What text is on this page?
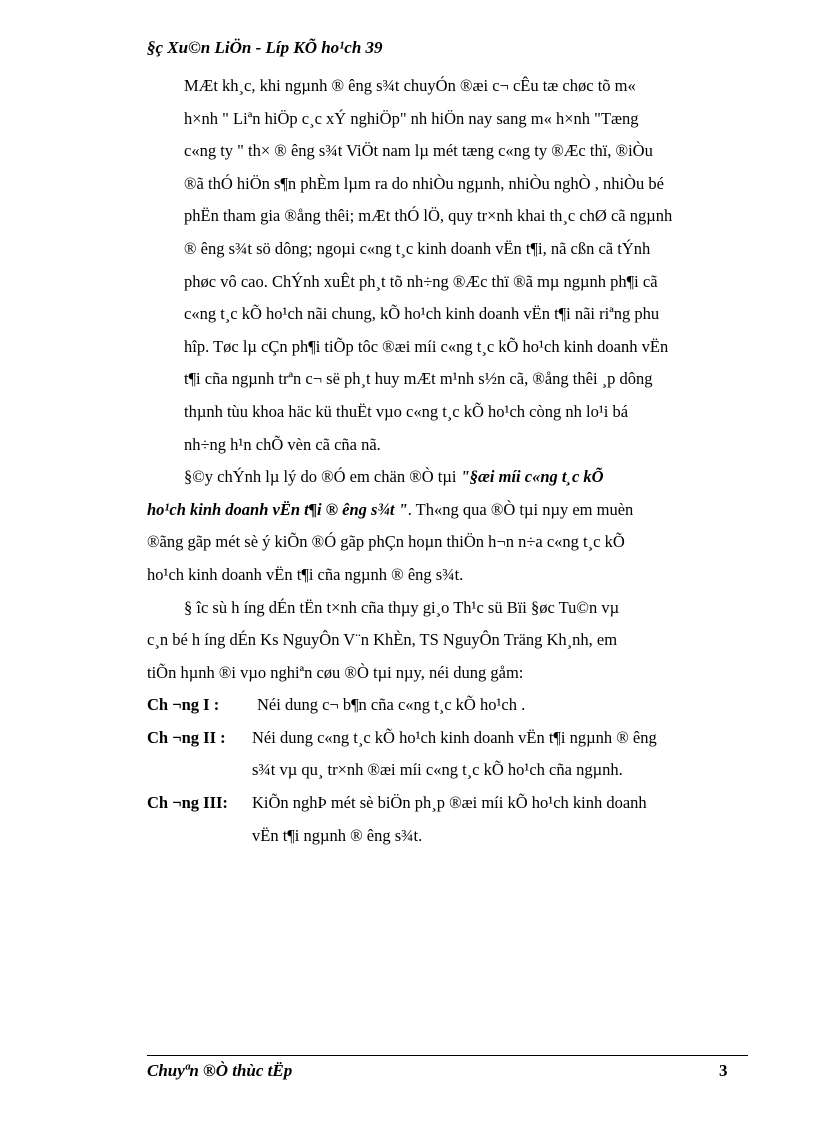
§ç Xu©n LiÖn - Líp KÕ ho¹ch 39

MÆt kh¸c, khi ngµnh ® êng s¾t chuyÓn ®æi c¬ cÊu tæ chøc tõ m«
h×nh " Liªn hiÖp c¸c xÝ nghiÖp" nh hiÖn nay sang m« h×nh "Tæng
c«ng ty " th× ® êng s¾t ViÖt nam lµ mét tæng c«ng ty ®Æc thï, ®iÒu
®ã thÓ hiÖn s¶n phÈm lµm ra do nhiÒu ngµnh, nhiÒu nghÒ , nhiÒu bé
phËn tham gia ®ång thêi; mÆt thÓ lÖ, quy tr×nh khai th¸c chØ cã ngµnh
® êng s¾t sö dông; ngoµi c«ng t¸c kinh doanh vËn t¶i, nã cßn cã tÝnh
phøc vô cao. ChÝnh xuÊt ph¸t tõ nh÷ng ®Æc thï ®ã mµ ngµnh ph¶i cã
c«ng t¸c kÕ ho¹ch nãi chung, kÕ ho¹ch kinh doanh vËn t¶i nãi riªng phu
hîp. Tøc lµ cÇn ph¶i tiÕp tôc ®æi míi c«ng t¸c kÕ ho¹ch kinh doanh vËn
t¶i cña ngµnh trªn c¬ së ph¸t huy mÆt m¹nh s½n cã, ®ång thêi ¸p dông
thµnh tùu khoa häc kü thuËt vµo c«ng t¸c kÕ ho¹ch còng nh lo¹i bá
nh÷ng h¹n chÕ vèn cã cña nã.

§©y chÝnh lµ lý do ®Ó em chän ®Ò tµi "§æi míi c«ng t¸c kÕ
ho¹ch kinh doanh vËn t¶i ® êng s¾t ". Th«ng qua ®Ò tµi nµy em muèn
®ãng gãp mét sè ý kiÕn ®Ó gãp phÇn hoµn thiÖn h¬n n÷a c«ng t¸c kÕ
ho¹ch kinh doanh vËn t¶i cña ngµnh ® êng s¾t.

§ îc sù h íng dÉn tËn t×nh cña thµy gi¸o Th¹c sü Bïi §øc Tu©n vµ
c¸n bé h íng dÉn Ks NguyÔn V¨n KhÈn, TS NguyÔn Träng Kh¸nh, em
tiÕn hµnh ®i vµo nghiªn cøu ®Ò tµi nµy, néi dung gåm:

Ch ¬ng I :	Néi dung c¬ b¶n cña c«ng t¸c kÕ ho¹ch .
Ch ¬ng II :	Néi dung c«ng t¸c kÕ ho¹ch kinh doanh vËn t¶i ngµnh ® êng
s¾t vµ qu¸ tr×nh ®æi míi c«ng t¸c kÕ ho¹ch cña ngµnh.
Ch ¬ng III:	KiÕn nghÞ mét sè biÖn ph¸p ®æi míi kÕ ho¹ch kinh doanh
vËn t¶i ngµnh ® êng s¾t.
Chuyªn ®Ò thùc tËp	3
